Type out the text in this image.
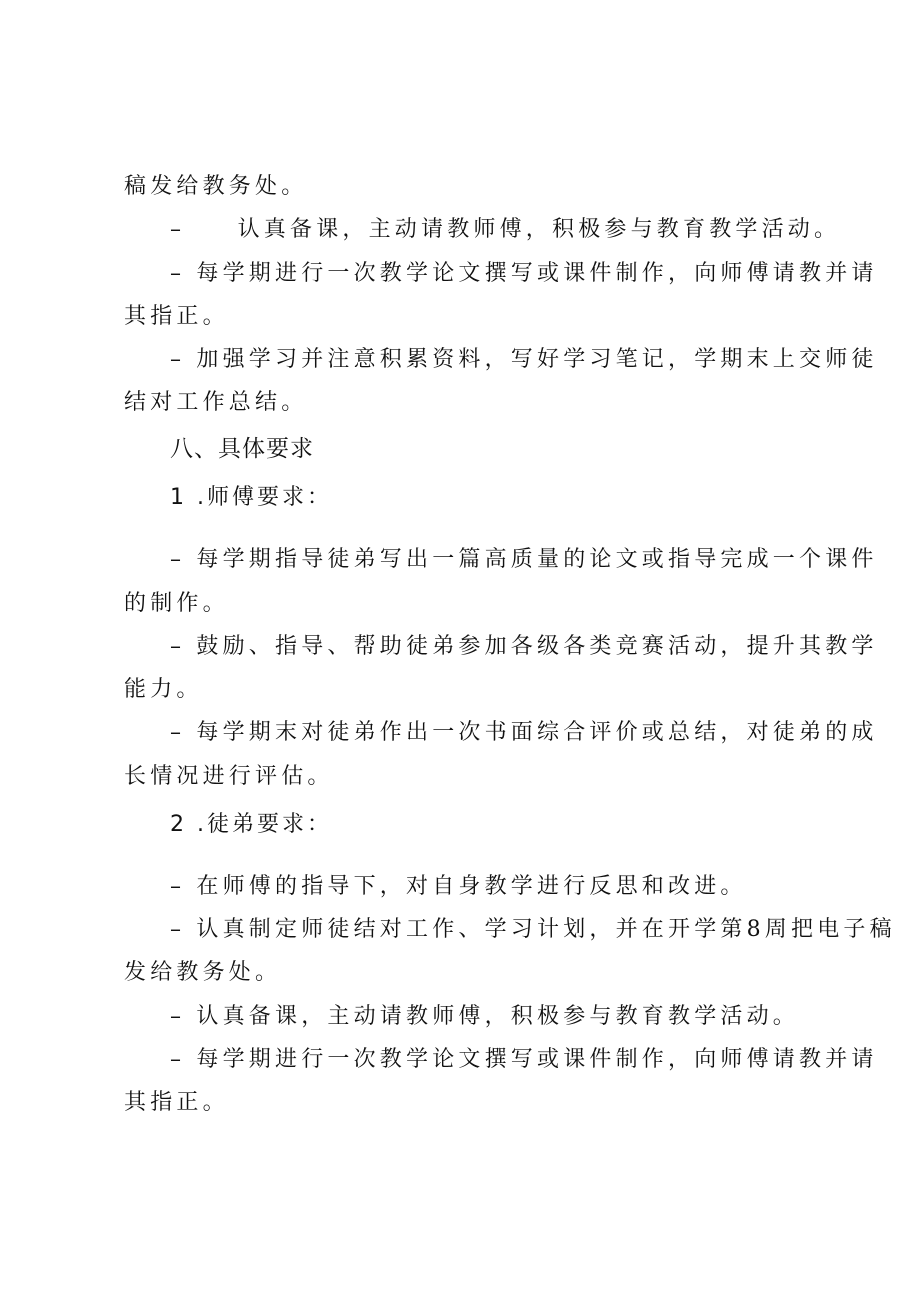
稿发给教务处。
–　　认真备课，主动请教师傅，积极参与教育教学活动。
– 每学期进行一次教学论文撰写或课件制作，向师傅请教并请
其指正。
– 加强学习并注意积累资料，写好学习笔记，学期末上交师徒
结对工作总结。
八、具体要求
1 .师傅要求：
– 每学期指导徒弟写出一篇高质量的论文或指导完成一个课件
的制作。
– 鼓励、指导、帮助徒弟参加各级各类竞赛活动，提升其教学
能力。
– 每学期末对徒弟作出一次书面综合评价或总结，对徒弟的成
长情况进行评估。
2 .徒弟要求：
– 在师傅的指导下，对自身教学进行反思和改进。
– 认真制定师徒结对工作、学习计划，并在开学第8周把电子稿
发给教务处。
– 认真备课，主动请教师傅，积极参与教育教学活动。
– 每学期进行一次教学论文撰写或课件制作，向师傅请教并请
其指正。
